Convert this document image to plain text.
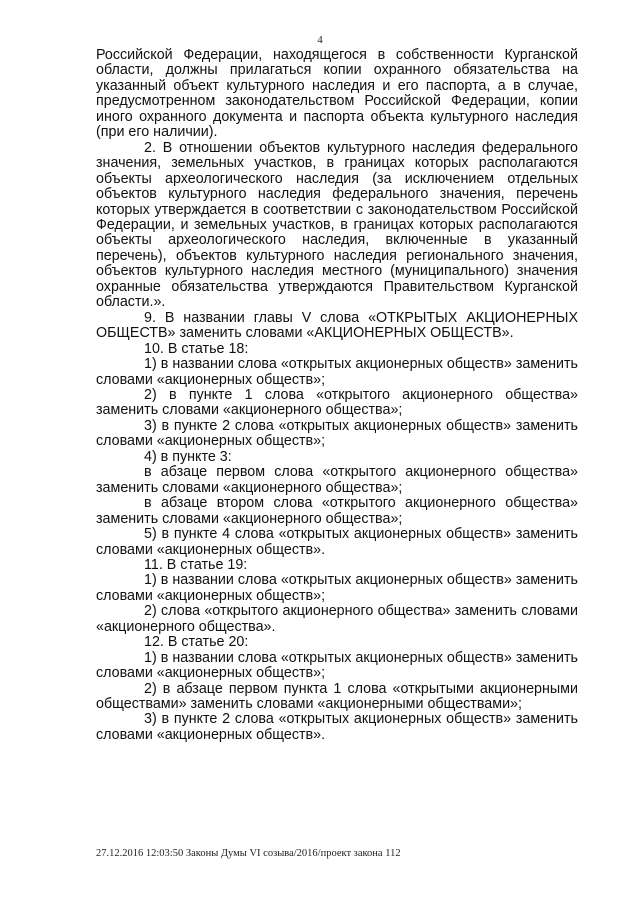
4

Российской Федерации, находящегося в собственности Курганской области, должны прилагаться копии охранного обязательства на указанный объект культурного наследия и его паспорта, а в случае, предусмотренном законодательством Российской Федерации, копии иного охранного документа и паспорта объекта культурного наследия (при его наличии).

2. В отношении объектов культурного наследия федерального значения, земельных участков, в границах которых располагаются объекты археологического наследия (за исключением отдельных объектов культурного наследия федерального значения, перечень которых утверждается в соответствии с законодательством Российской Федерации, и земельных участков, в границах которых располагаются объекты археологического наследия, включенные в указанный перечень), объектов культурного наследия регионального значения, объектов культурного наследия местного (муниципального) значения охранные обязательства утверждаются Правительством Курганской области.».

9. В названии главы V слова «ОТКРЫТЫХ АКЦИОНЕРНЫХ ОБЩЕСТВ» заменить словами «АКЦИОНЕРНЫХ ОБЩЕСТВ».

10. В статье 18:

1) в названии слова «открытых акционерных обществ» заменить словами «акционерных обществ»;

2) в пункте 1 слова «открытого акционерного общества» заменить словами «акционерного общества»;

3) в пункте 2 слова «открытых акционерных обществ» заменить словами «акционерных обществ»;

4) в пункте 3:

в абзаце первом слова «открытого акционерного общества» заменить словами «акционерного общества»;

в абзаце втором слова «открытого акционерного общества» заменить словами «акционерного общества»;

5) в пункте 4 слова «открытых акционерных обществ» заменить словами «акционерных обществ».

11. В статье 19:

1) в названии слова «открытых акционерных обществ» заменить словами «акционерных обществ»;

2) слова «открытого акционерного общества» заменить словами «акционерного общества».

12. В статье 20:

1) в названии слова «открытых акционерных обществ» заменить словами «акционерных обществ»;

2) в абзаце первом пункта 1 слова «открытыми акционерными обществами» заменить словами «акционерными обществами»;

3) в пункте 2 слова «открытых акционерных обществ» заменить словами «акционерных обществ».

27.12.2016 12:03:50 Законы Думы VI созыва/2016/проект закона 112
